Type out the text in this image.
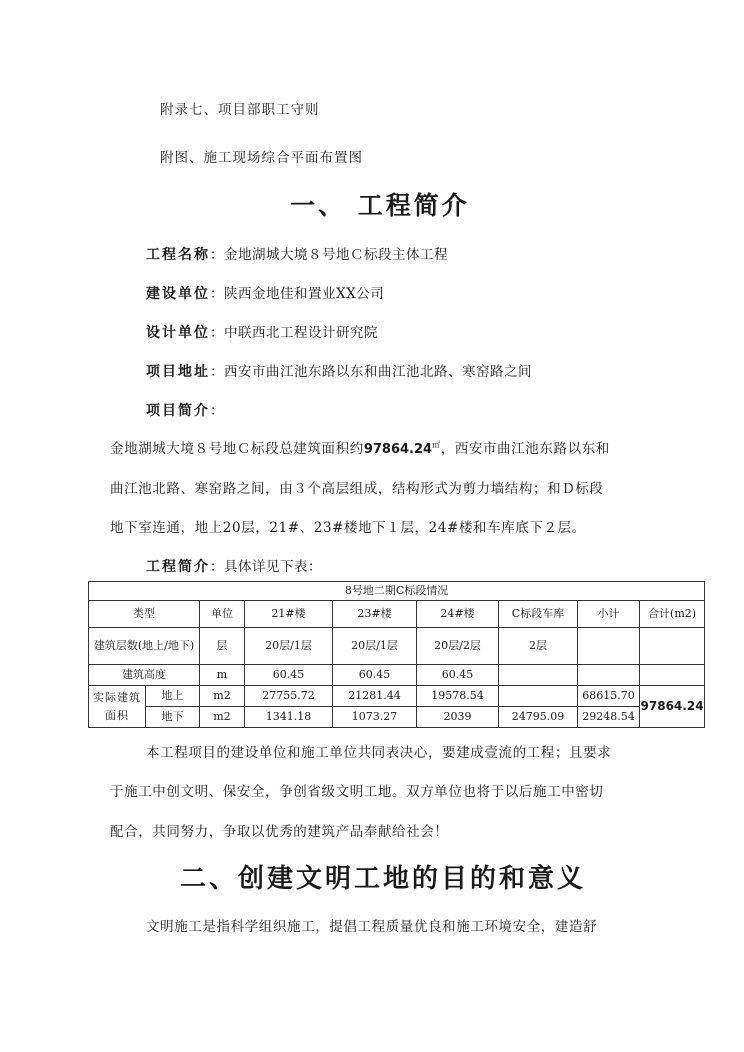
附录七、项目部职工守则
附图、施工现场综合平面布置图
一、 工程简介
工程名称：金地湖城大境８号地Ｃ标段主体工程
建设单位：陕西金地佳和置业XX公司
设计单位：中联西北工程设计研究院
项目地址：西安市曲江池东路以东和曲江池北路、寒窑路之间
项目简介：
金地湖城大境８号地Ｃ标段总建筑面积约97864.24㎡，西安市曲江池东路以东和
曲江池北路、寒窑路之间，由３个高层组成，结构形式为剪力墙结构；和Ｄ标段
地下室连通，地上20层，21#、23#楼地下１层，24#楼和车库底下２层。
工程简介：具体详见下表：
8号地二期C标段情况								
类型		单位	21#楼	23#楼	24#楼	C标段车库	小计	合计(m2)
建筑层数(地上/地下)		层	20层/1层	20层/1层	20层/2层	2层		
建筑高度		m	60.45	60.45	60.45			
实际建筑面积	地上	m2	27755.72	21281.44	19578.54		68615.70	97864.24
	地下	m2	1341.18	1073.27	2039	24795.09	29248.54	
本工程项目的建设单位和施工单位共同表决心，要建成壹流的工程；且要求
于施工中创文明、保安全，争创省级文明工地。双方单位也将于以后施工中密切
配合，共同努力，争取以优秀的建筑产品奉献给社会！
二、创建文明工地的目的和意义
文明施工是指科学组织施工，提倡工程质量优良和施工环境安全，建造舒
